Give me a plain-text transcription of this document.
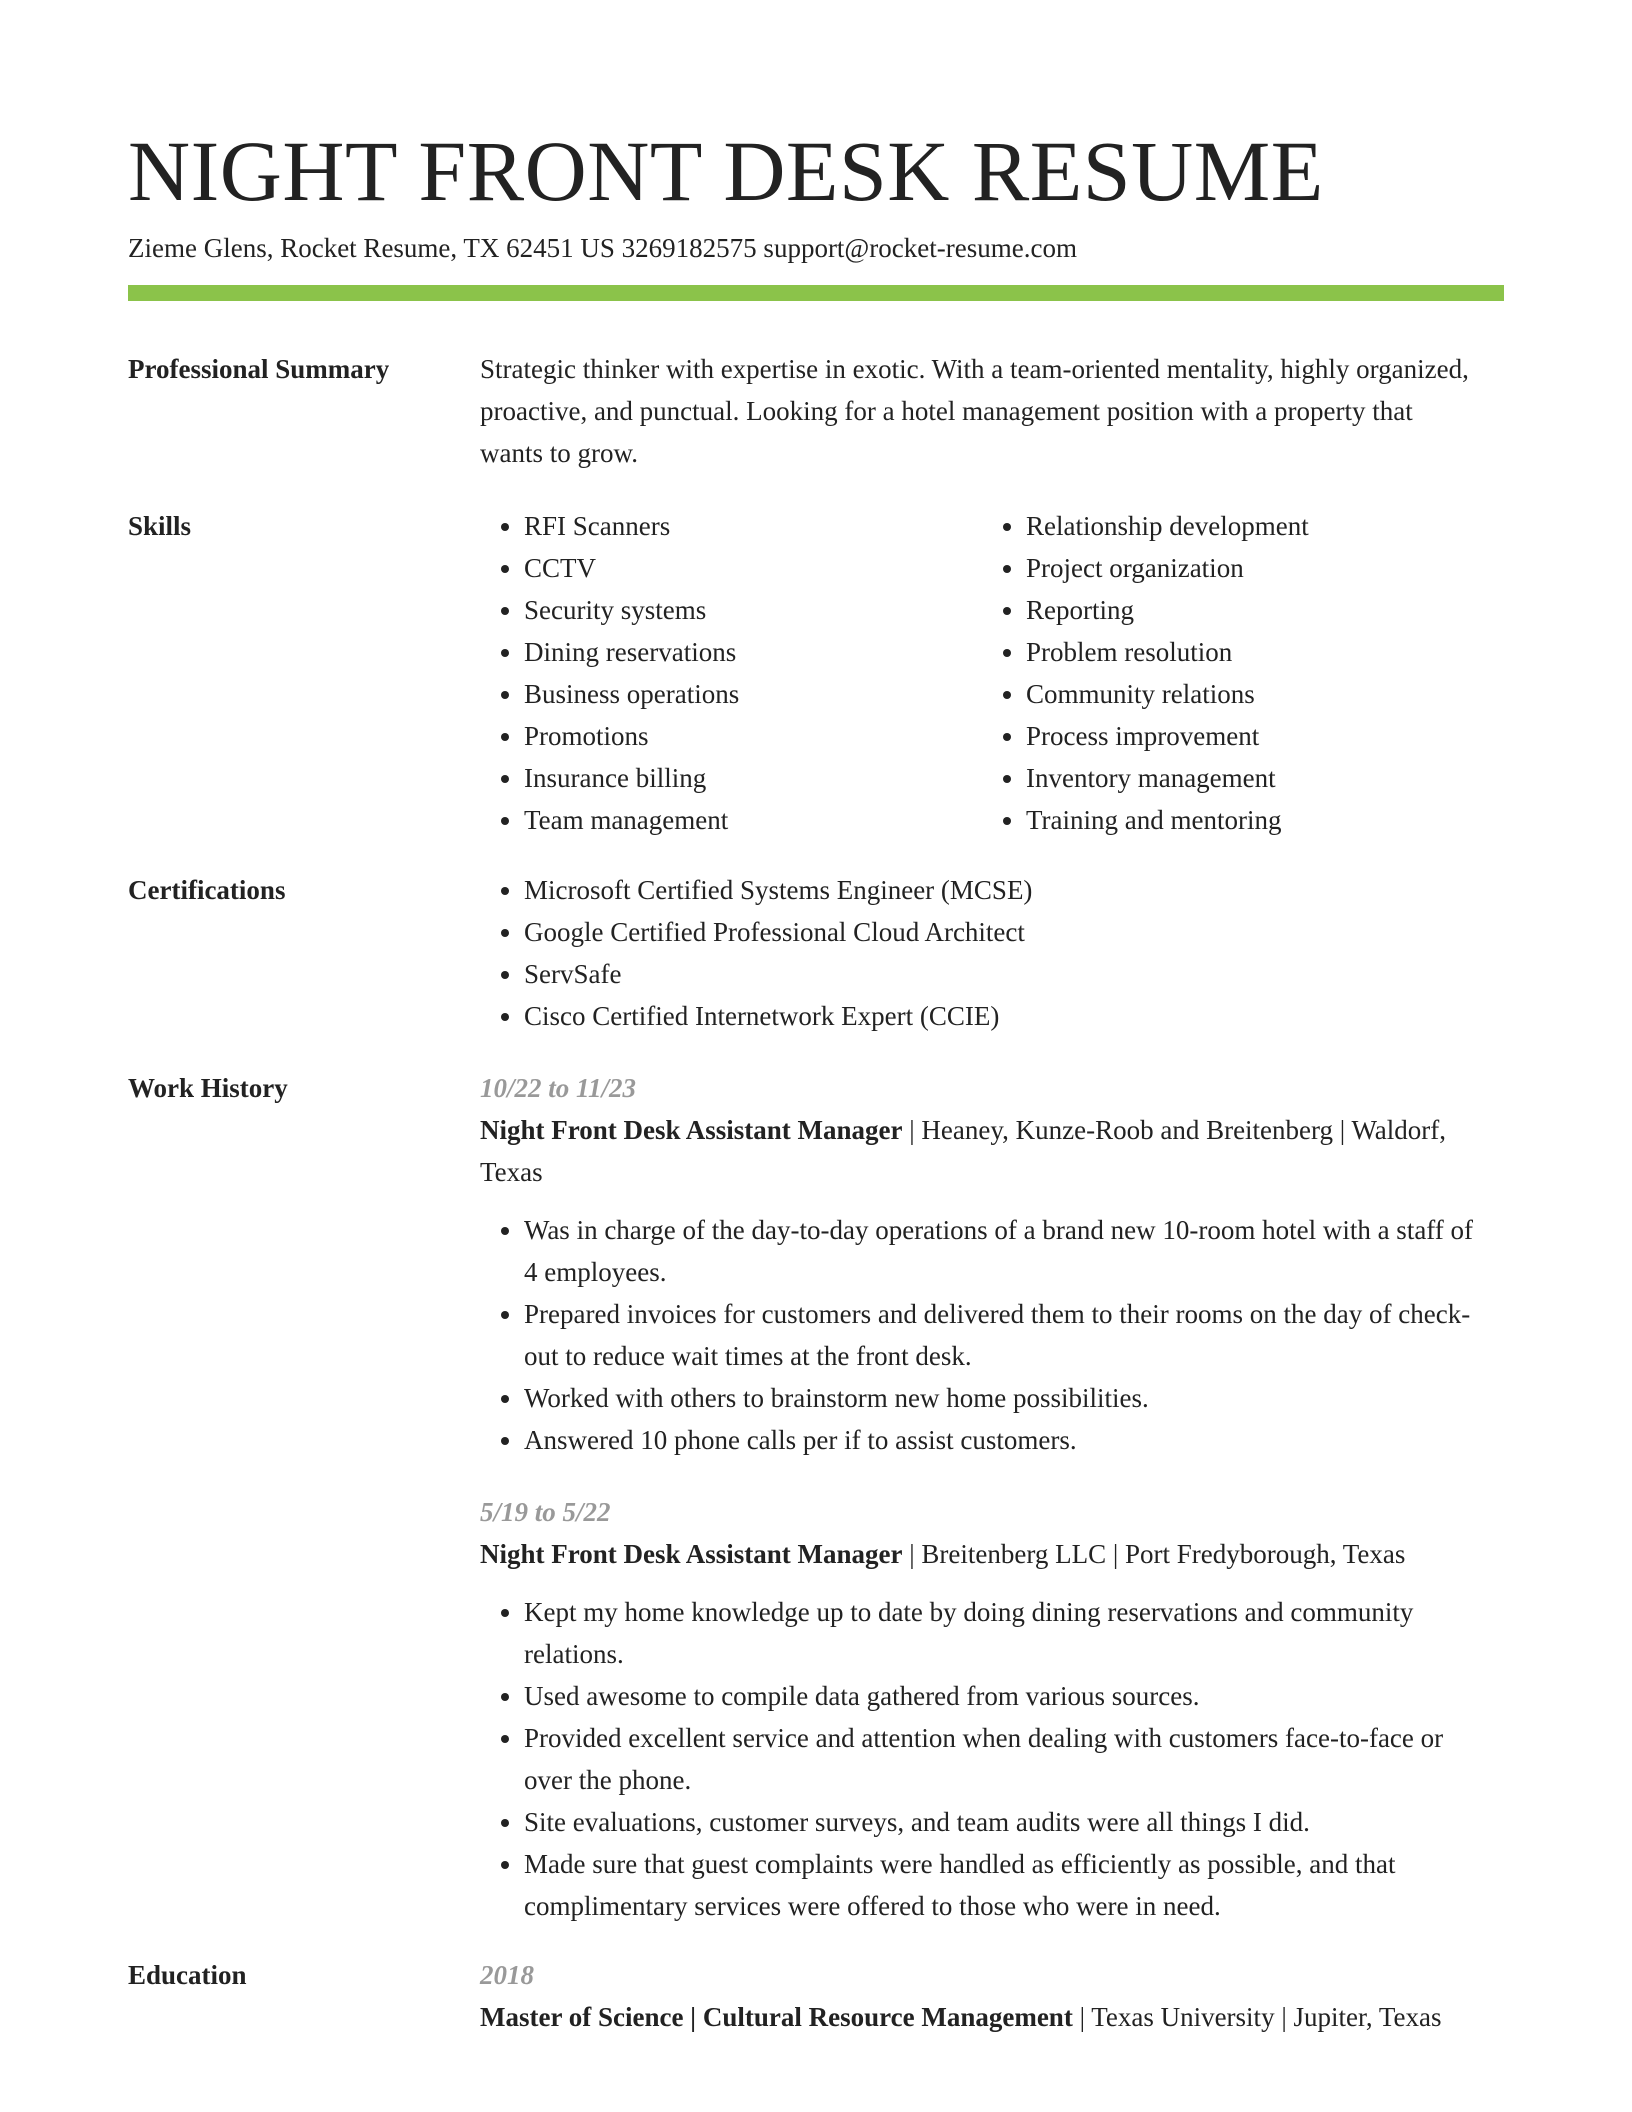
NIGHT FRONT DESK RESUME
Zieme Glens, Rocket Resume, TX 62451 US 3269182575 support@rocket-resume.com
Professional Summary	Strategic thinker with expertise in exotic. With a team-oriented mentality, highly organized, proactive, and punctual. Looking for a hotel management position with a property that wants to grow.

Skills	• RFI Scanners
• CCTV
• Security systems
• Dining reservations
• Business operations
• Promotions
• Insurance billing
• Team management
• Relationship development
• Project organization
• Reporting
• Problem resolution
• Community relations
• Process improvement
• Inventory management
• Training and mentoring
Certifications	• Microsoft Certified Systems Engineer (MCSE)
• Google Certified Professional Cloud Architect
• ServSafe
• Cisco Certified Internetwork Expert (CCIE)
Work History	10/22 to 11/23
Night Front Desk Assistant Manager | Heaney, Kunze-Roob and Breitenberg | Waldorf, Texas
• Was in charge of the day-to-day operations of a brand new 10-room hotel with a staff of 4 employees.
• Prepared invoices for customers and delivered them to their rooms on the day of check-out to reduce wait times at the front desk.
• Worked with others to brainstorm new home possibilities.
• Answered 10 phone calls per if to assist customers.
5/19 to 5/22
Night Front Desk Assistant Manager | Breitenberg LLC | Port Fredyborough, Texas
• Kept my home knowledge up to date by doing dining reservations and community relations.
• Used awesome to compile data gathered from various sources.
• Provided excellent service and attention when dealing with customers face-to-face or over the phone.
• Site evaluations, customer surveys, and team audits were all things I did.
• Made sure that guest complaints were handled as efficiently as possible, and that complimentary services were offered to those who were in need.
Education	2018
Master of Science | Cultural Resource Management | Texas University | Jupiter, Texas
